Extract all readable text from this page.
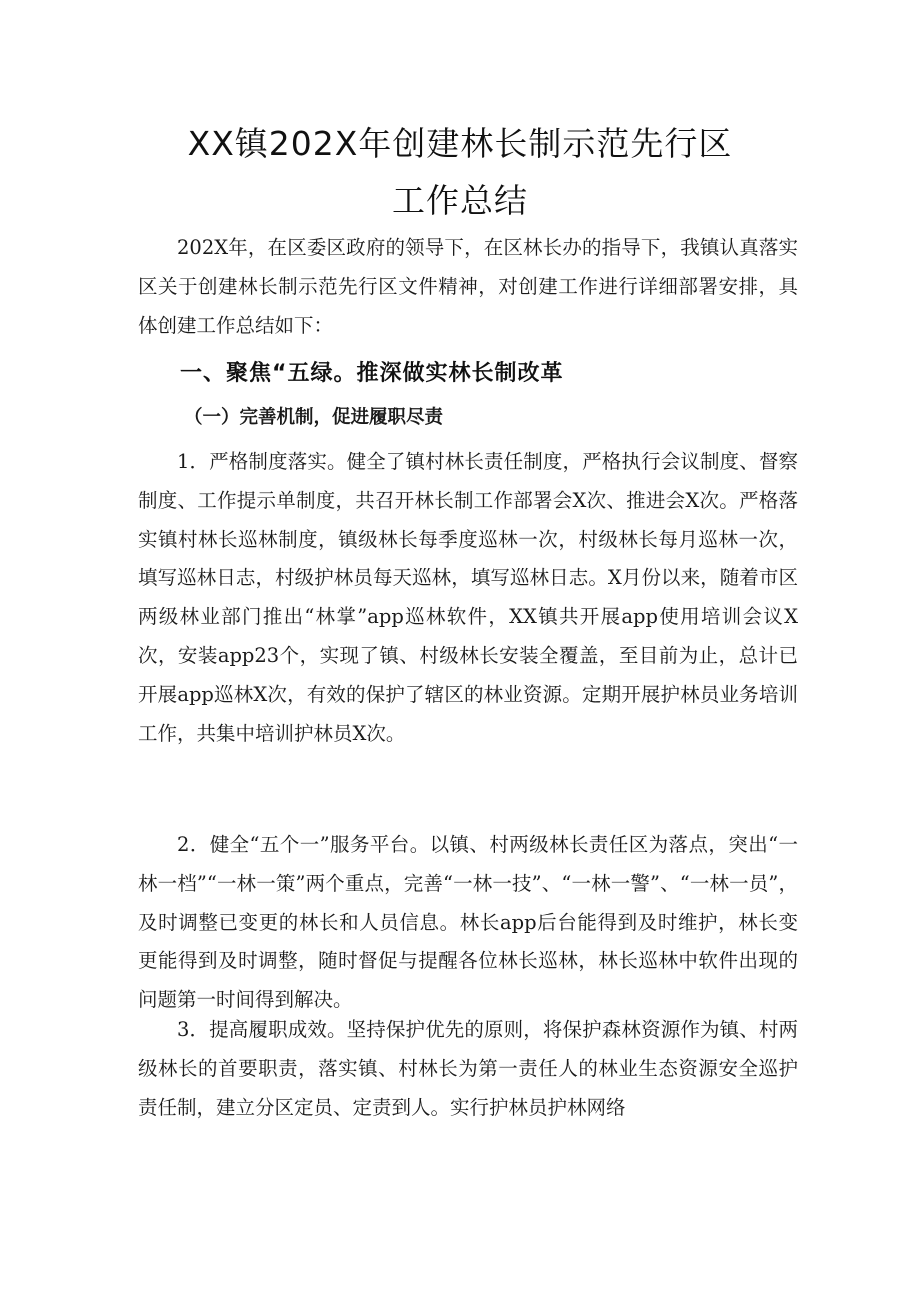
XX镇202X年创建林长制示范先行区
工作总结

202X年，在区委区政府的领导下，在区林长办的指导下，我镇认真落实区关于创建林长制示范先行区文件精神，对创建工作进行详细部署安排，具体创建工作总结如下：

一、聚焦“五绿。推深做实林长制改革
（一）完善机制，促进履职尽责

1．严格制度落实。健全了镇村林长责任制度，严格执行会议制度、督察制度、工作提示单制度，共召开林长制工作部署会X次、推进会X次。严格落实镇村林长巡林制度，镇级林长每季度巡林一次，村级林长每月巡林一次，填写巡林日志，村级护林员每天巡林，填写巡林日志。X月份以来，随着市区两级林业部门推出“林掌”app巡林软件，XX镇共开展app使用培训会议X次，安装app23个，实现了镇、村级林长安装全覆盖，至目前为止，总计已开展app巡林X次，有效的保护了辖区的林业资源。定期开展护林员业务培训工作，共集中培训护林员X次。

2．健全“五个一”服务平台。以镇、村两级林长责任区为落点，突出“一林一档”“一林一策”两个重点，完善“一林一技”、“一林一警”、“一林一员”，及时调整已变更的林长和人员信息。林长app后台能得到及时维护，林长变更能得到及时调整，随时督促与提醒各位林长巡林，林长巡林中软件出现的问题第一时间得到解决。

3．提高履职成效。坚持保护优先的原则，将保护森林资源作为镇、村两级林长的首要职责，落实镇、村林长为第一责任人的林业生态资源安全巡护责任制，建立分区定员、定责到人。实行护林员护林网络
